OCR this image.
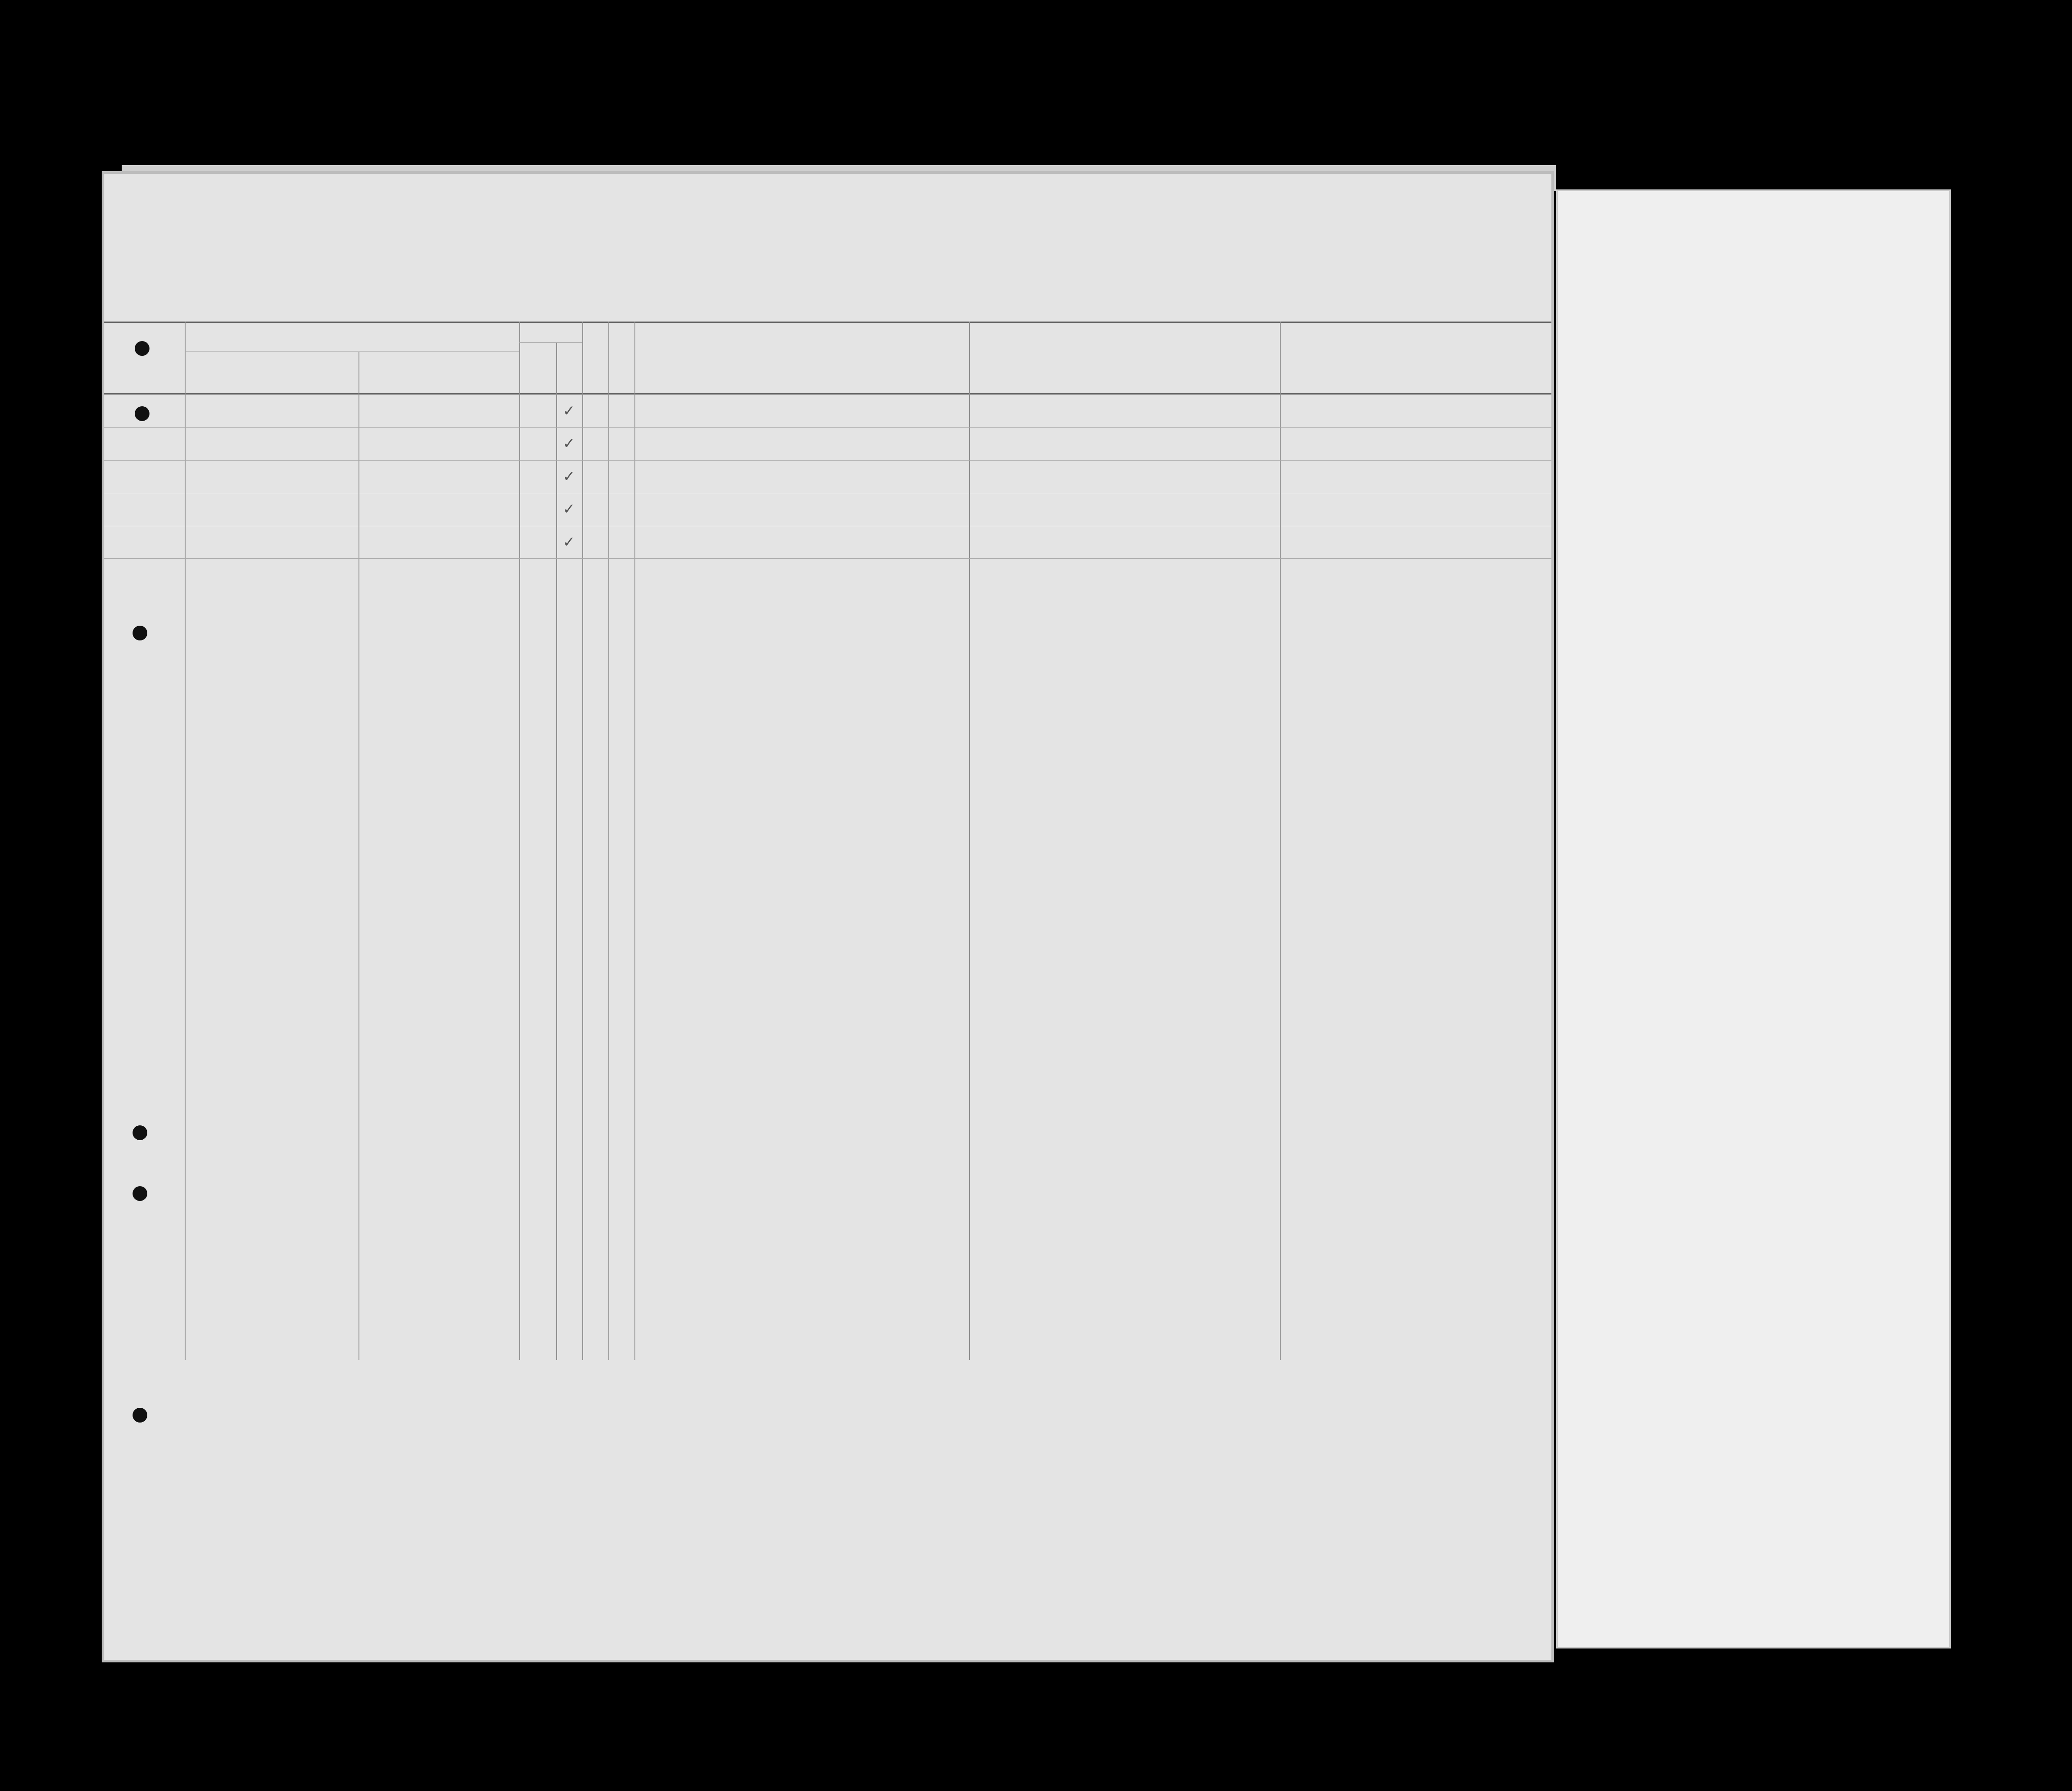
✓
✓
✓
✓
✓
